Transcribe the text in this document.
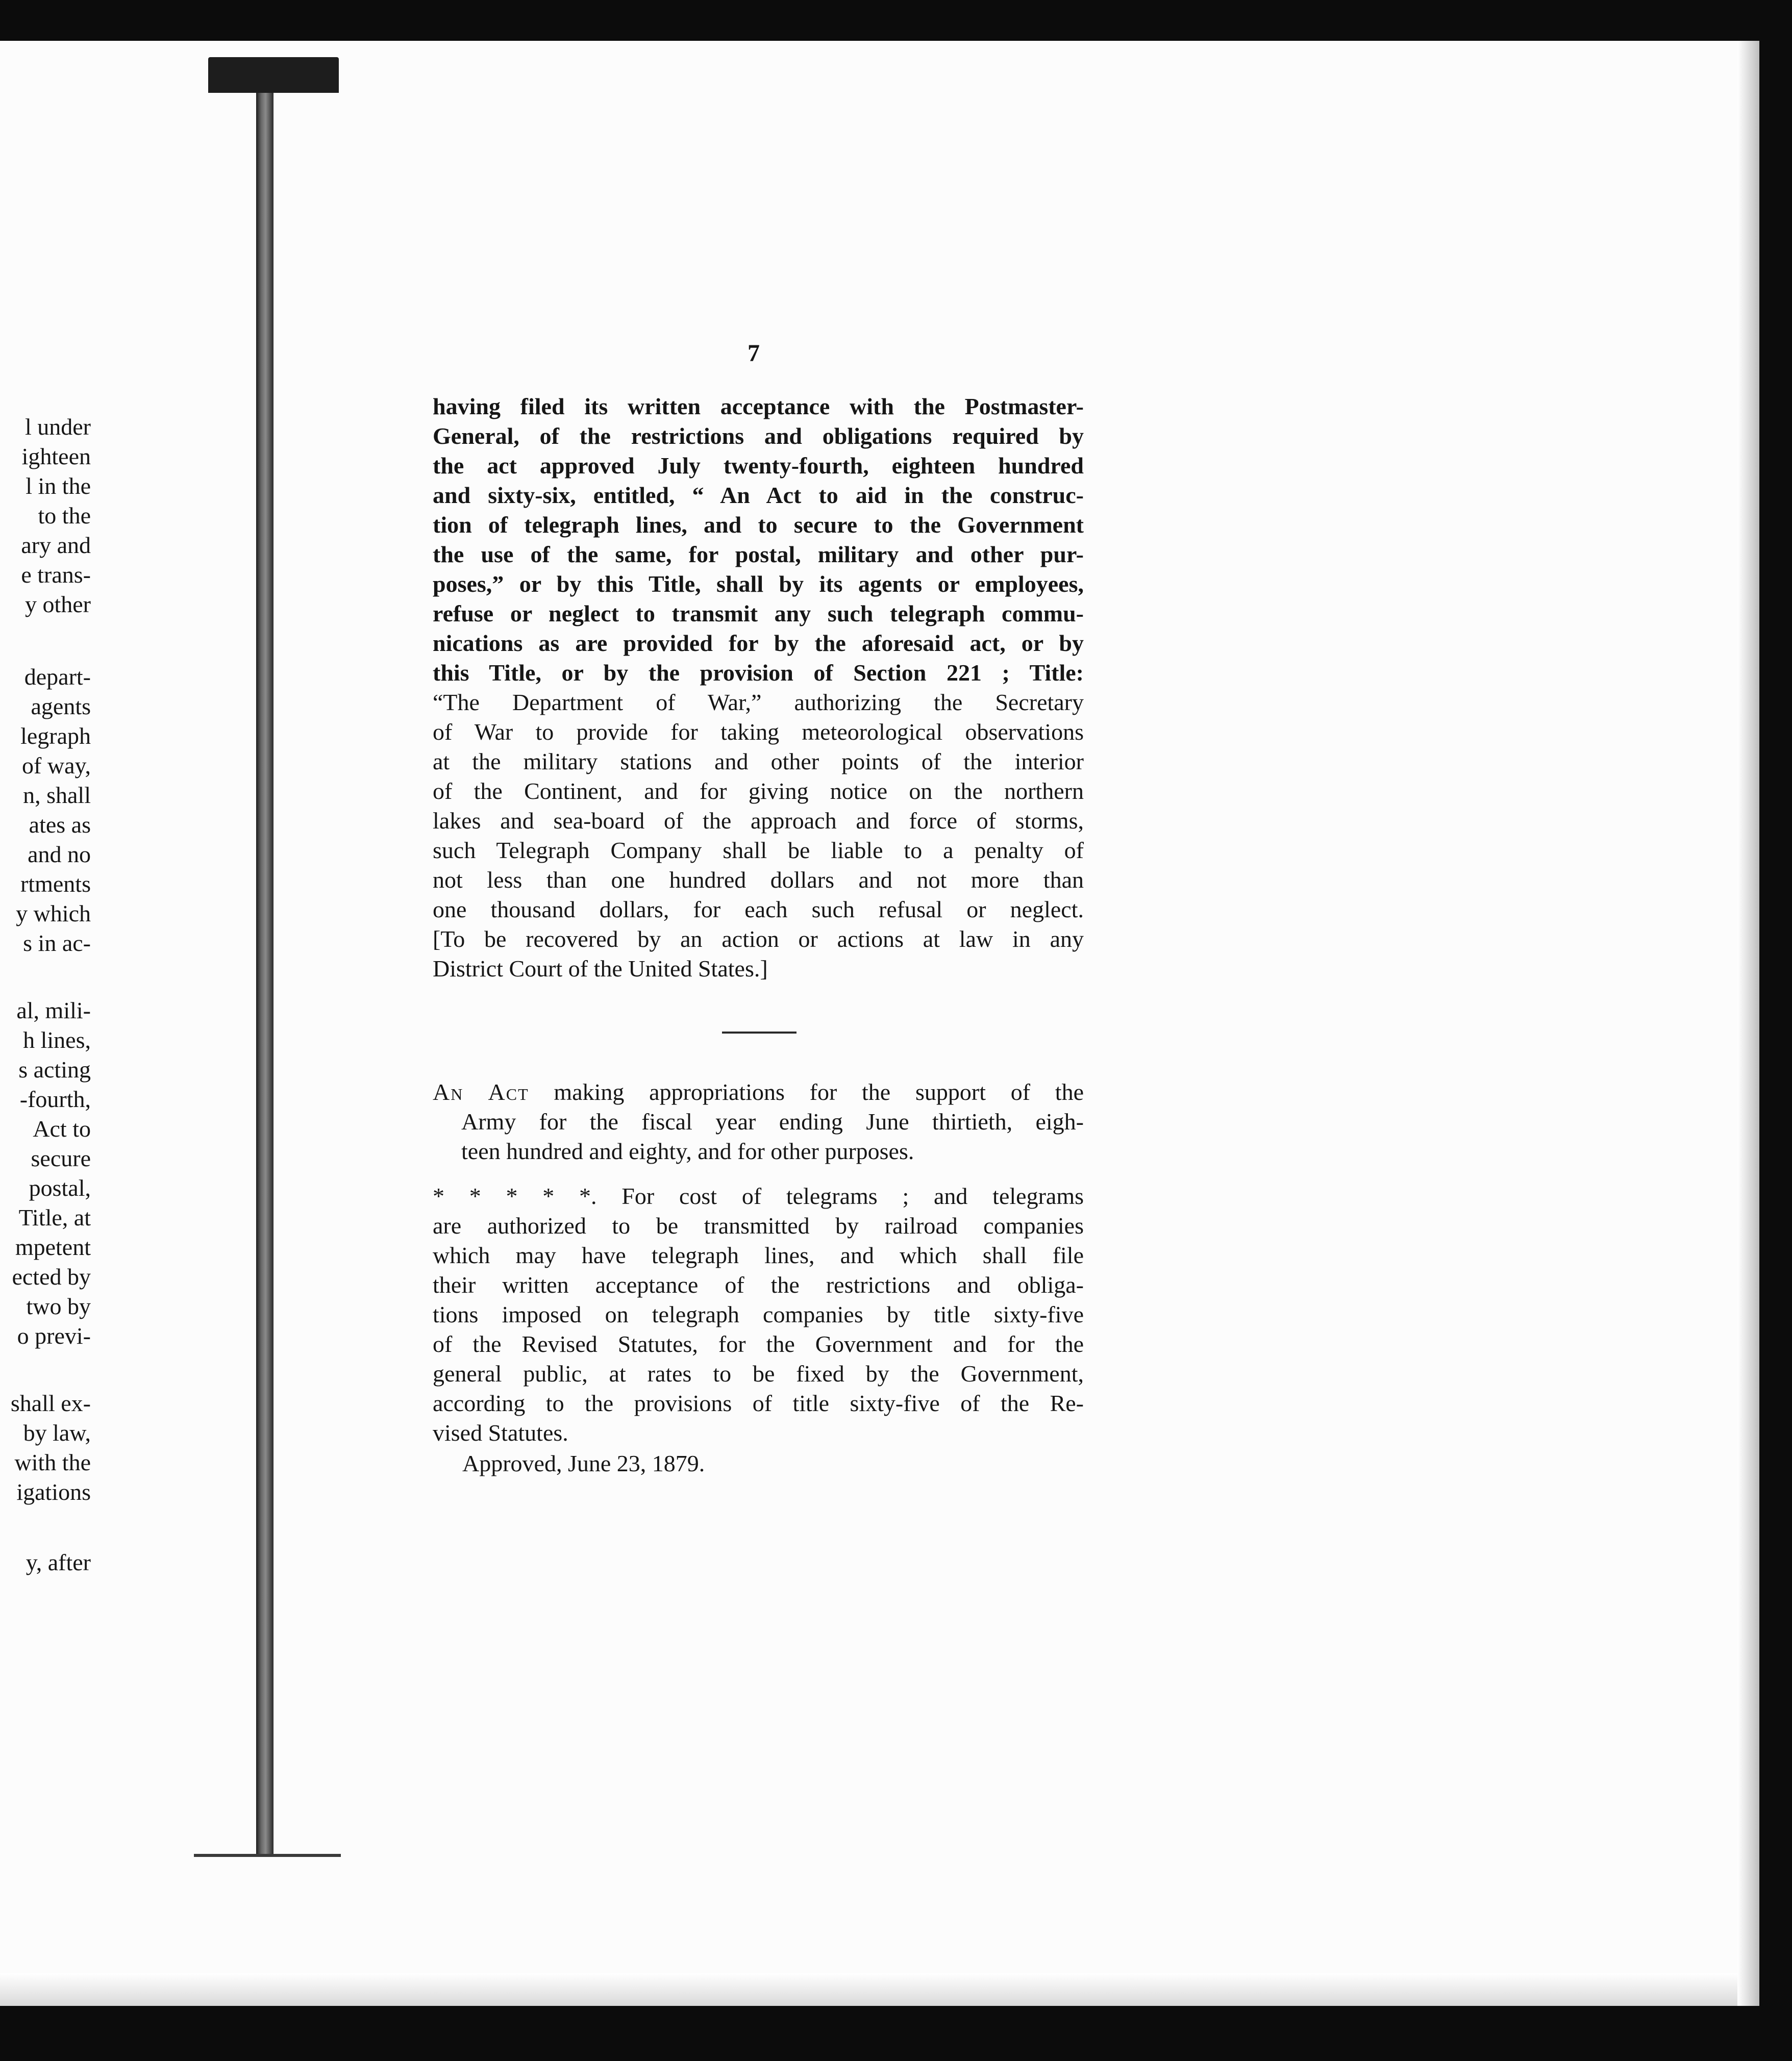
l under
ighteen
l in the
to the
ary and
e trans-
y other
depart-
agents
legraph
of way,
n, shall
ates as
and no
rtments
y which
s in ac-
al, mili-
h lines,
s acting
-fourth,
Act to
secure
postal,
Title, at
mpetent
ected by
two by
o previ-
shall ex-
by law,
with the
igations
y, after

7

having filed its written acceptance with the Postmaster-
General, of the restrictions and obligations required by
the act approved July twenty-fourth, eighteen hundred
and sixty-six, entitled, “ An Act to aid in the construc-
tion of telegraph lines, and to secure to the Government
the use of the same, for postal, military and other pur-
poses,” or by this Title, shall by its agents or employees,
refuse or neglect to transmit any such telegraph commu-
nications as are provided for by the aforesaid act, or by
this Title, or by the provision of Section 221 ; Title:
“The Department of War,” authorizing the Secretary
of War to provide for taking meteorological observations
at the military stations and other points of the interior
of the Continent, and for giving notice on the northern
lakes and sea-board of the approach and force of storms,
such Telegraph Company shall be liable to a penalty of
not less than one hundred dollars and not more than
one thousand dollars, for each such refusal or neglect.
[To be recovered by an action or actions at law in any
District Court of the United States.]
An Act making appropriations for the support of the
Army for the fiscal year ending June thirtieth, eigh-
teen hundred and eighty, and for other purposes.
* * * * *. For cost of telegrams ; and telegrams
are authorized to be transmitted by railroad companies
which may have telegraph lines, and which shall file
their written acceptance of the restrictions and obliga-
tions imposed on telegraph companies by title sixty-five
of the Revised Statutes, for the Government and for the
general public, at rates to be fixed by the Government,
according to the provisions of title sixty-five of the Re-
vised Statutes.

Approved, June 23, 1879.
